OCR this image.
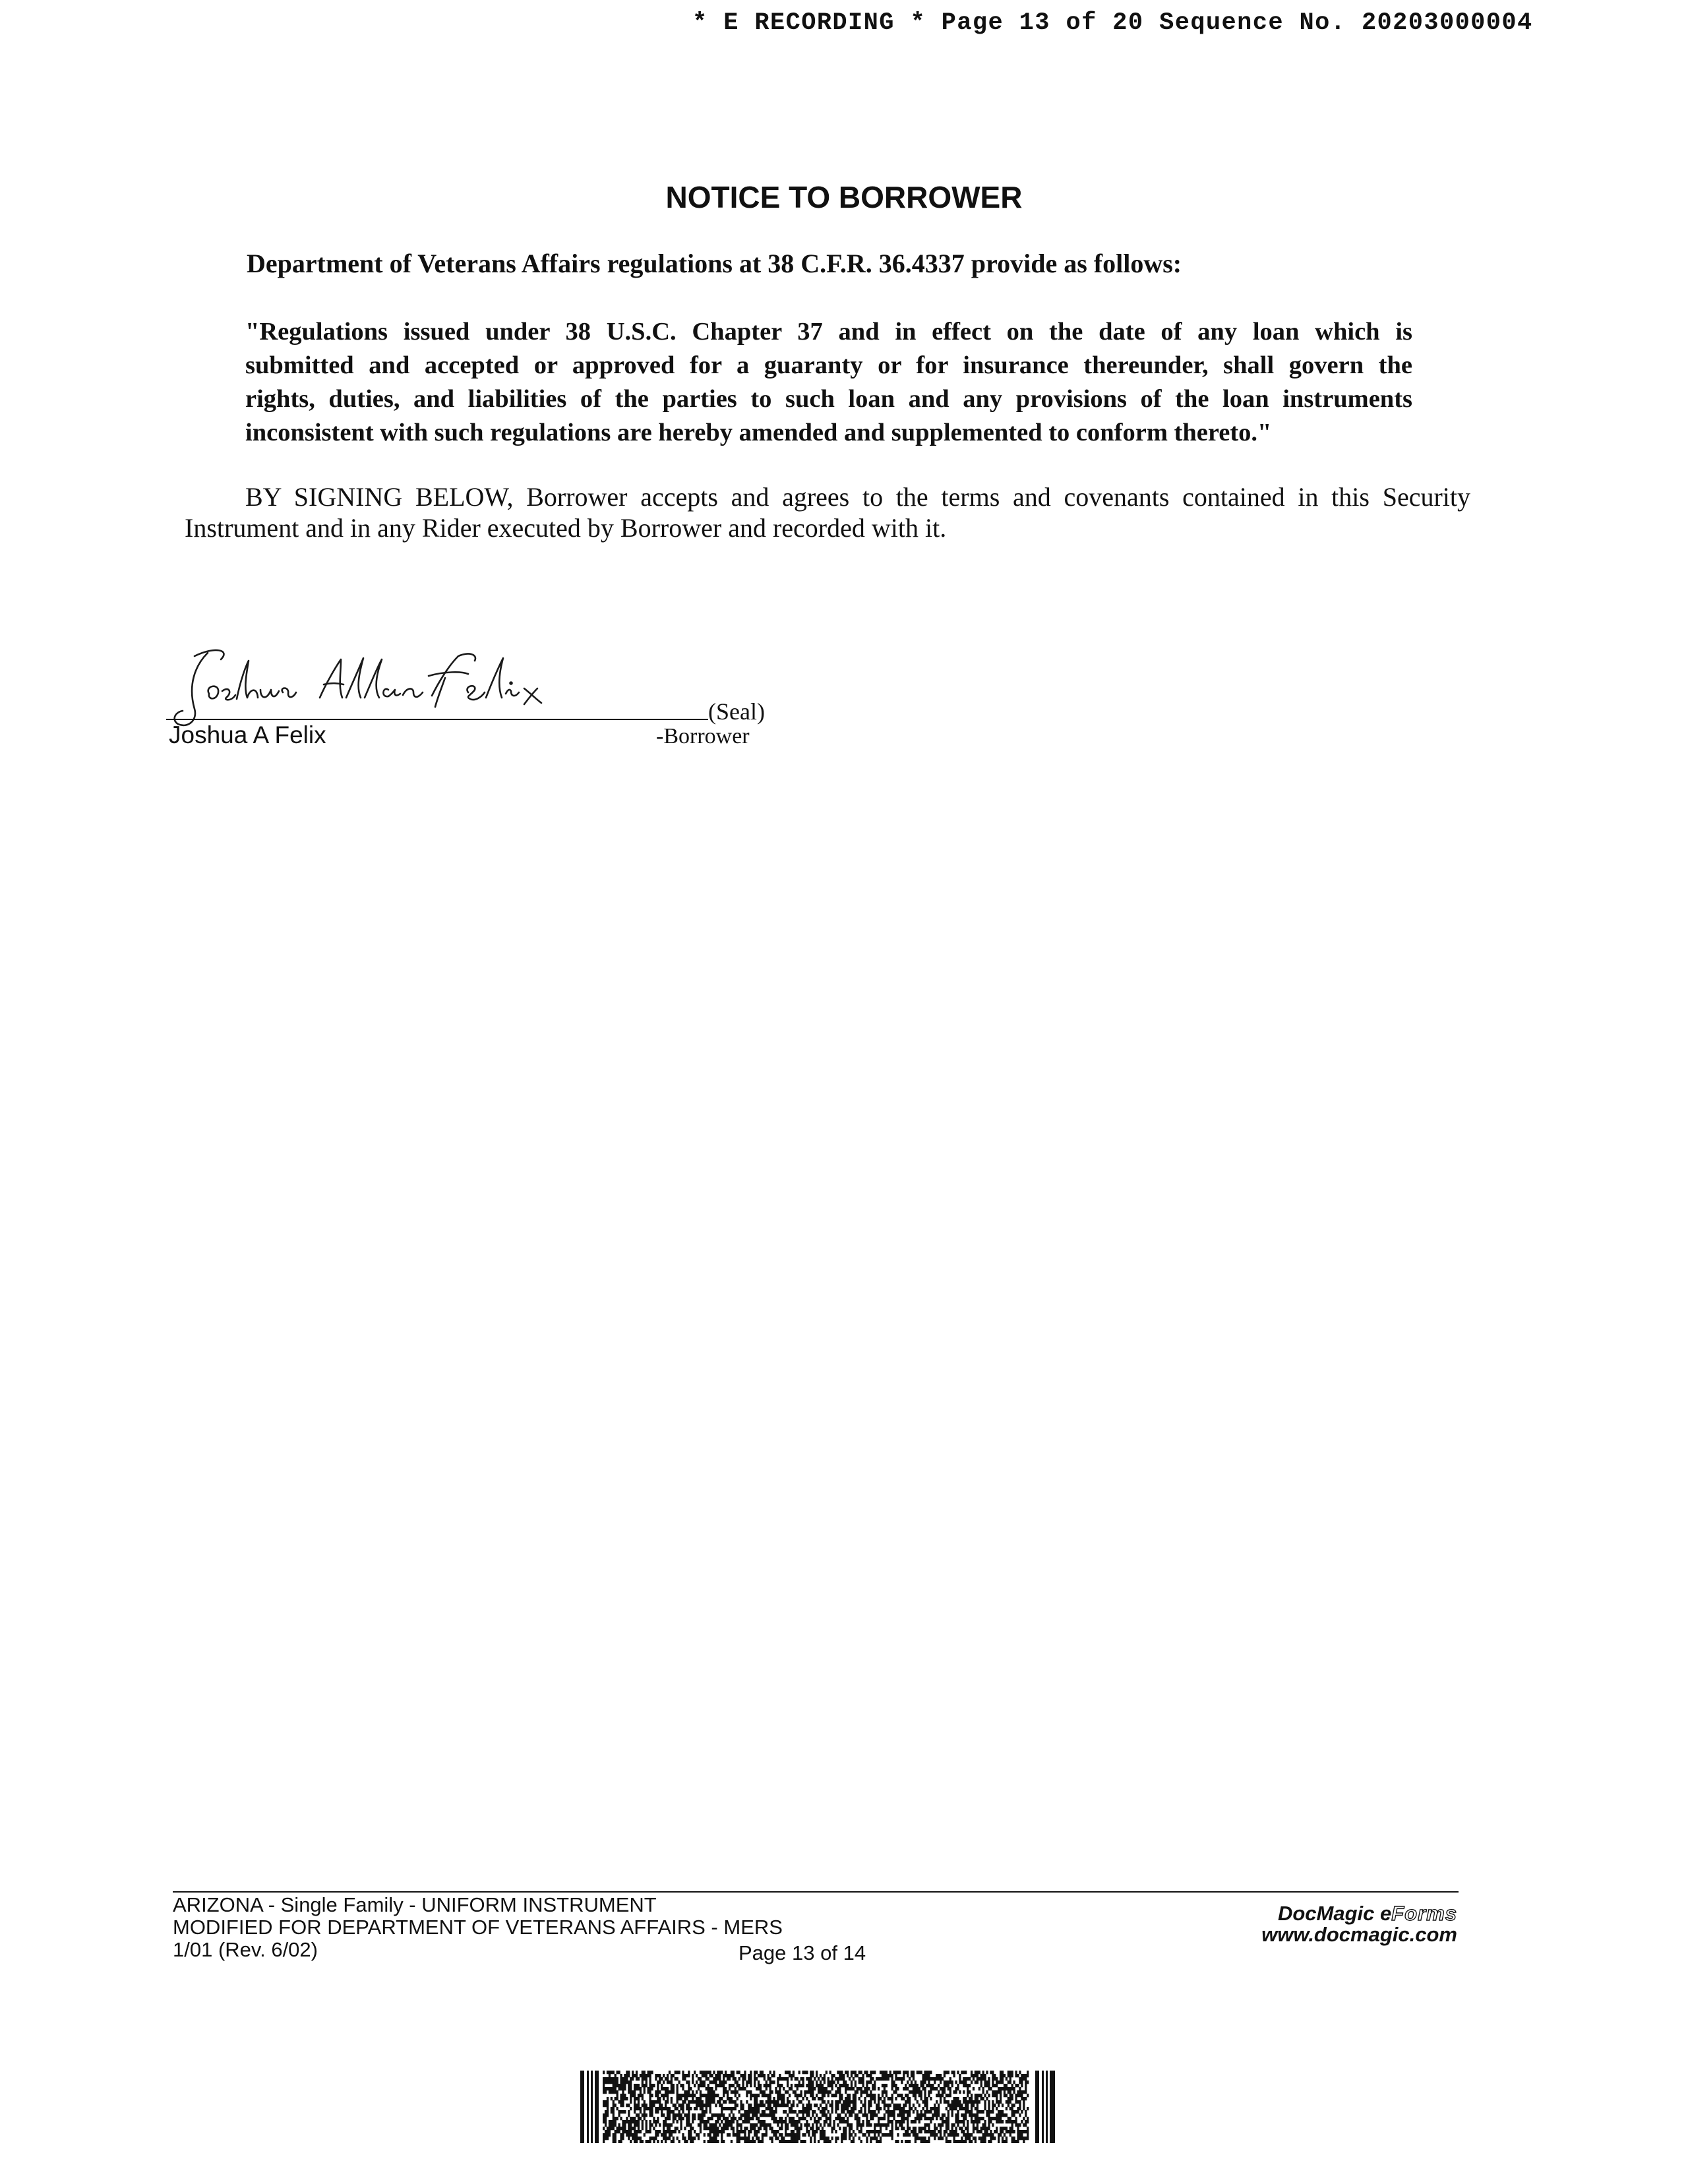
* E RECORDING * Page 13 of 20 Sequence No. 20203000004
NOTICE TO BORROWER
Department of Veterans Affairs regulations at 38 C.F.R. 36.4337 provide as follows:
"Regulations issued under 38 U.S.C. Chapter 37 and in effect on the date of any loan which is
submitted and accepted or approved for a guaranty or for insurance thereunder, shall govern the
rights, duties, and liabilities of the parties to such loan and any provisions of the loan instruments
inconsistent with such regulations are hereby amended and supplemented to conform thereto."
BY SIGNING BELOW, Borrower accepts and agrees to the terms and covenants contained in this Security
Instrument and in any Rider executed by Borrower and recorded with it.
(Seal)
Joshua A Felix	-Borrower
ARIZONA - Single Family - UNIFORM INSTRUMENT
MODIFIED FOR DEPARTMENT OF VETERANS AFFAIRS - MERS
1/01 (Rev. 6/02)	Page 13 of 14
DocMagic eForms
www.docmagic.com
